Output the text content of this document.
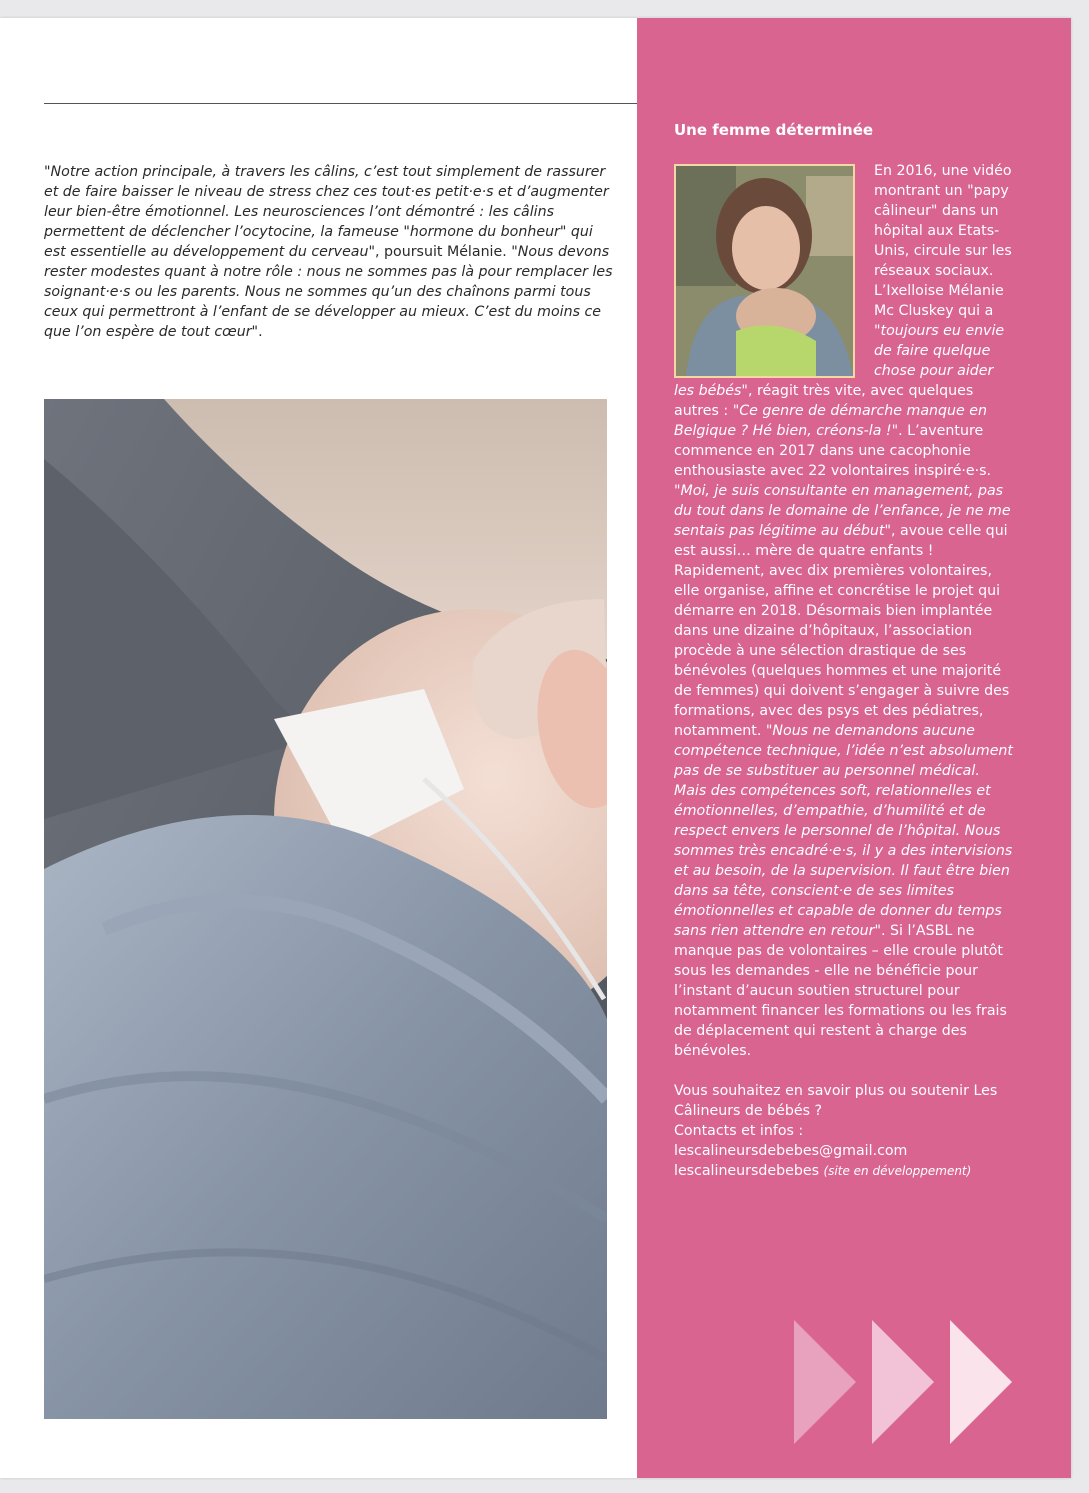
"Notre action principale, à travers les câlins, c’est tout simplement de rassurer et de faire baisser le niveau de stress chez ces tout·es petit·e·s et d’augmenter leur bien-être émotionnel. Les neurosciences l’ont démontré : les câlins permettent de déclencher l’ocytocine, la fameuse "hormone du bonheur" qui est essentielle au développement du cerveau", poursuit Mélanie. "Nous devons rester modestes quant à notre rôle : nous ne sommes pas là pour remplacer les soignant·e·s ou les parents. Nous ne sommes qu’un des chaînons parmi tous ceux qui permettront à l’enfant de se développer au mieux. C’est du moins ce que l’on espère de tout cœur".

Une femme déterminée

En 2016, une vidéo montrant un "papy câlineur" dans un hôpital aux Etats-Unis, circule sur les réseaux sociaux. L’Ixelloise Mélanie Mc Cluskey qui a "toujours eu envie de faire quelque chose pour aider les bébés", réagit très vite, avec quelques autres : "Ce genre de démarche manque en Belgique ? Hé bien, créons-la !". L’aventure commence en 2017 dans une cacophonie enthousiaste avec 22 volontaires inspiré·e·s. "Moi, je suis consultante en management, pas du tout dans le domaine de l’enfance, je ne me sentais pas légitime au début", avoue celle qui est aussi… mère de quatre enfants ! Rapidement, avec dix premières volontaires, elle organise, affine et concrétise le projet qui démarre en 2018. Désormais bien implantée dans une dizaine d’hôpitaux, l’association procède à une sélection drastique de ses bénévoles (quelques hommes et une majorité de femmes) qui doivent s’engager à suivre des formations, avec des psys et des pédiatres, notamment. "Nous ne demandons aucune compétence technique, l’idée n’est absolument pas de se substituer au personnel médical. Mais des compétences soft, relationnelles et émotionnelles, d’empathie, d’humilité et de respect envers le personnel de l’hôpital. Nous sommes très encadré·e·s, il y a des intervisions et au besoin, de la supervision. Il faut être bien dans sa tête, conscient·e de ses limites émotionnelles et capable de donner du temps sans rien attendre en retour". Si l’ASBL ne manque pas de volontaires – elle croule plutôt sous les demandes - elle ne bénéficie pour l’instant d’aucun soutien structurel pour notamment financer les formations ou les frais de déplacement qui restent à charge des bénévoles.

Vous souhaitez en savoir plus ou soutenir Les Câlineurs de bébés ?
Contacts et infos :
lescalineursdebebes@gmail.com
lescalineursdebebes (site en développement)
